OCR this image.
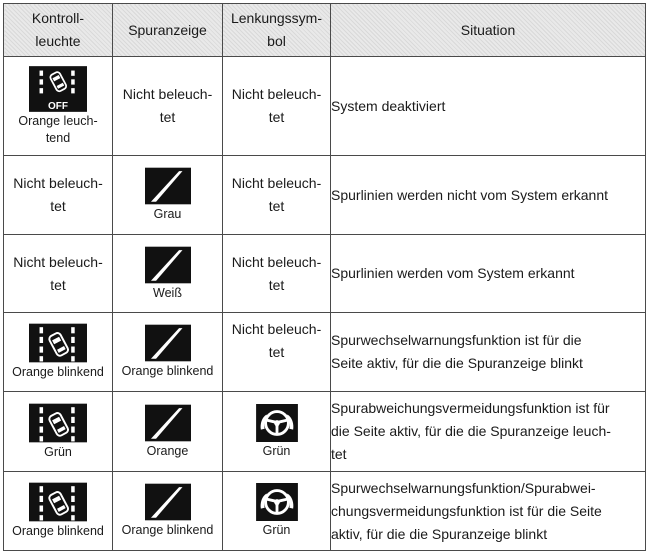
Kontroll-
leuchte	Spuranzeige	Lenkungssym-
bol	Situation

OFF
Orange leuch-
tend	Nicht beleuch-
tet	Nicht beleuch-
tet	System deaktiviert

Nicht beleuch-
tet	Grau	Nicht beleuch-
tet	Spurlinien werden nicht vom System erkannt

Nicht beleuch-
tet	Weiß	Nicht beleuch-
tet	Spurlinien werden vom System erkannt

Orange blinkend	Orange blinkend	Nicht beleuch-
tet	Spurwechselwarnungsfunktion ist für die
Seite aktiv, für die die Spuranzeige blinkt

Grün	Orange	Grün	Spurabweichungsvermeidungsfunktion ist für
die Seite aktiv, für die die Spuranzeige leuch-
tet

Orange blinkend	Orange blinkend	Grün	Spurwechselwarnungsfunktion/Spurabwei-
chungsvermeidungsfunktion ist für die Seite
aktiv, für die die Spuranzeige blinkt
